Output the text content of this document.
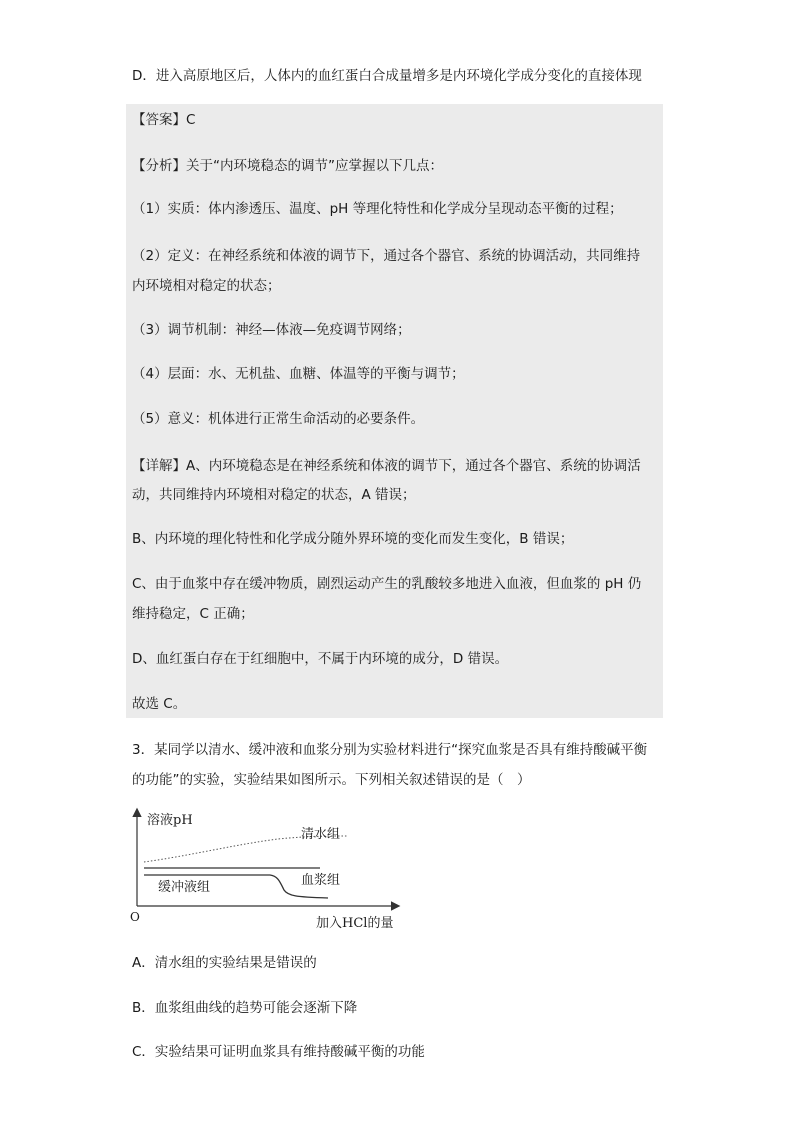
D．进入高原地区后，人体内的血红蛋白合成量增多是内环境化学成分变化的直接体现
【答案】C
【分析】关于“内环境稳态的调节”应掌握以下几点：
（1）实质：体内渗透压、温度、pH 等理化特性和化学成分呈现动态平衡的过程；
（2）定义：在神经系统和体液的调节下，通过各个器官、系统的协调活动，共同维持
内环境相对稳定的状态；
（3）调节机制：神经—体液—免疫调节网络；
（4）层面：水、无机盐、血糖、体温等的平衡与调节；
（5）意义：机体进行正常生命活动的必要条件。
【详解】A、内环境稳态是在神经系统和体液的调节下，通过各个器官、系统的协调活
动，共同维持内环境相对稳定的状态，A 错误；
B、内环境的理化特性和化学成分随外界环境的变化而发生变化，B 错误；
C、由于血浆中存在缓冲物质，剧烈运动产生的乳酸较多地进入血液，但血浆的 pH 仍
维持稳定，C 正确；
D、血红蛋白存在于红细胞中，不属于内环境的成分，D 错误。
故选 C。
3．某同学以清水、缓冲液和血浆分别为实验材料进行“探究血浆是否具有维持酸碱平衡
的功能”的实验，实验结果如图所示。下列相关叙述错误的是（　）
溶液pH
清水组
血浆组
缓冲液组
O	加入HCl的量
A．清水组的实验结果是错误的
B．血浆组曲线的趋势可能会逐渐下降
C．实验结果可证明血浆具有维持酸碱平衡的功能
